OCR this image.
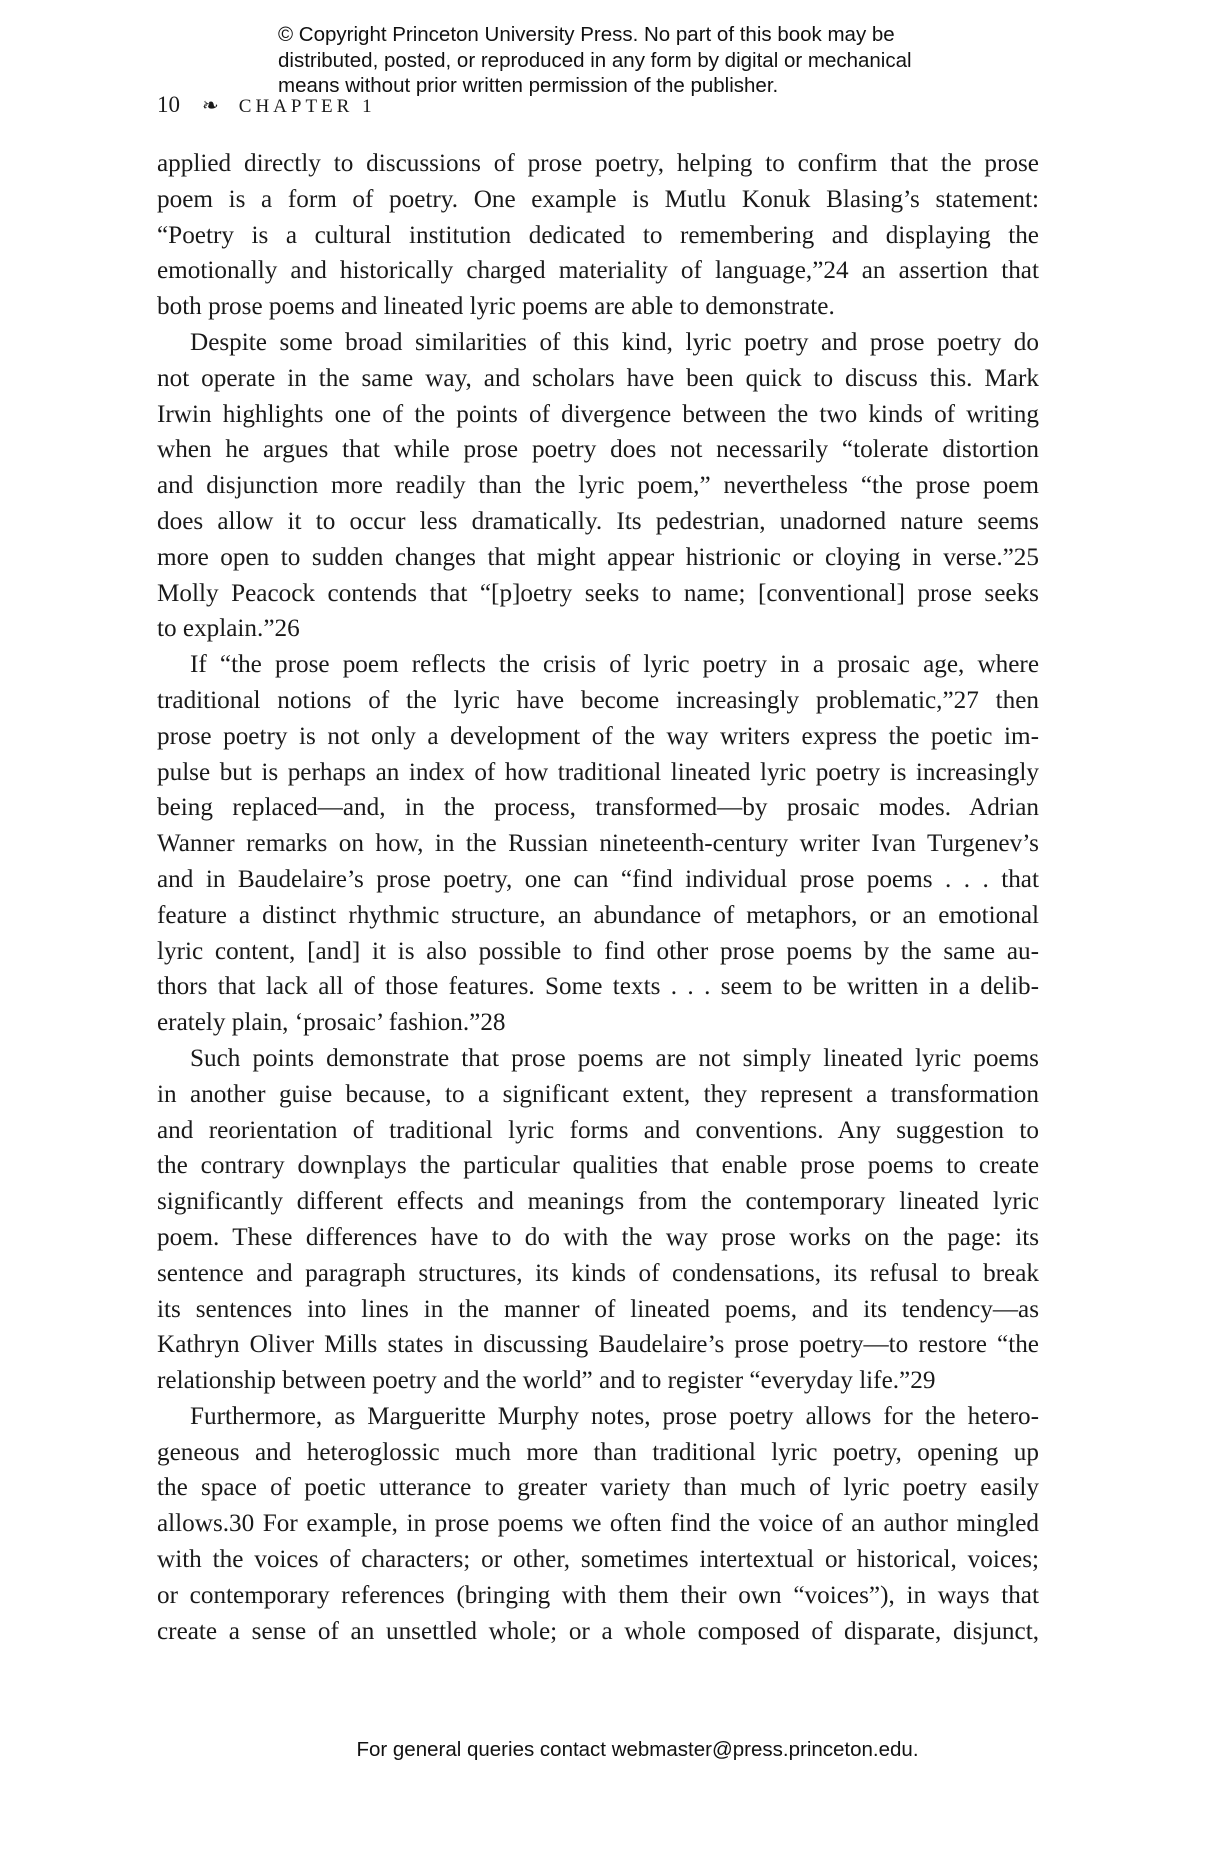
© Copyright Princeton University Press. No part of this book may be
distributed, posted, or reproduced in any form by digital or mechanical
means without prior written permission of the publisher.
10 ❧ CHAPTER 1
applied directly to discussions of prose poetry, helping to confirm that the prose
poem is a form of poetry. One example is Mutlu Konuk Blasing’s statement:
“Poetry is a cultural institution dedicated to remembering and displaying the
emotionally and historically charged materiality of language,”24 an assertion that
both prose poems and lineated lyric poems are able to demonstrate.
Despite some broad similarities of this kind, lyric poetry and prose poetry do
not operate in the same way, and scholars have been quick to discuss this. Mark
Irwin highlights one of the points of divergence between the two kinds of writing
when he argues that while prose poetry does not necessarily “tolerate distortion
and disjunction more readily than the lyric poem,” nevertheless “the prose poem
does allow it to occur less dramatically. Its pedestrian, unadorned nature seems
more open to sudden changes that might appear histrionic or cloying in verse.”25
Molly Peacock contends that “[p]oetry seeks to name; [conventional] prose seeks
to explain.”26
If “the prose poem reflects the crisis of lyric poetry in a prosaic age, where
traditional notions of the lyric have become increasingly problematic,”27 then
prose poetry is not only a development of the way writers express the poetic im-
pulse but is perhaps an index of how traditional lineated lyric poetry is increasingly
being replaced—and, in the process, transformed—by prosaic modes. Adrian
Wanner remarks on how, in the Russian nineteenth-century writer Ivan Turgenev’s
and in Baudelaire’s prose poetry, one can “find individual prose poems . . . that
feature a distinct rhythmic structure, an abundance of metaphors, or an emotional
lyric content, [and] it is also possible to find other prose poems by the same au-
thors that lack all of those features. Some texts . . . seem to be written in a delib-
erately plain, ‘prosaic’ fashion.”28
Such points demonstrate that prose poems are not simply lineated lyric poems
in another guise because, to a significant extent, they represent a transformation
and reorientation of traditional lyric forms and conventions. Any suggestion to
the contrary downplays the particular qualities that enable prose poems to create
significantly different effects and meanings from the contemporary lineated lyric
poem. These differences have to do with the way prose works on the page: its
sentence and paragraph structures, its kinds of condensations, its refusal to break
its sentences into lines in the manner of lineated poems, and its tendency—as
Kathryn Oliver Mills states in discussing Baudelaire’s prose poetry—to restore “the
relationship between poetry and the world” and to register “everyday life.”29
Furthermore, as Margueritte Murphy notes, prose poetry allows for the hetero-
geneous and heteroglossic much more than traditional lyric poetry, opening up
the space of poetic utterance to greater variety than much of lyric poetry easily
allows.30 For example, in prose poems we often find the voice of an author mingled
with the voices of characters; or other, sometimes intertextual or historical, voices;
or contemporary references (bringing with them their own “voices”), in ways that
create a sense of an unsettled whole; or a whole composed of disparate, disjunct,
For general queries contact webmaster@press.princeton.edu.
